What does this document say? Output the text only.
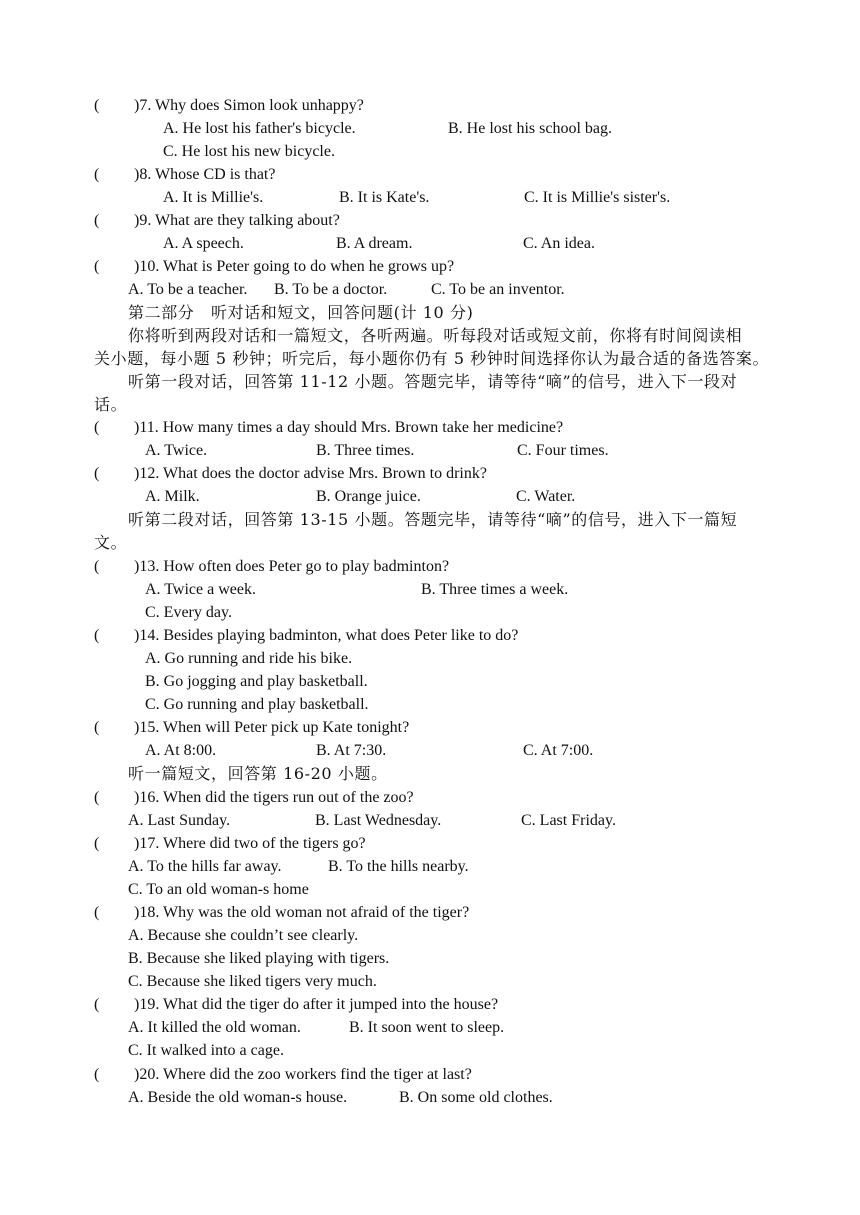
( )7. Why does Simon look unhappy?
A. He lost his father's bicycle.	B. He lost his school bag.
C. He lost his new bicycle.
( )8. Whose CD is that?
A. It is Millie's.	B. It is Kate's.	C. It is Millie's sister's.
( )9. What are they talking about?
A. A speech.	B. A dream.	C. An idea.
( )10. What is Peter going to do when he grows up?
A. To be a teacher. B. To be a doctor.	C. To be an inventor.
第二部分　听对话和短文，回答问题(计 10 分)
你将听到两段对话和一篇短文，各听两遍。听每段对话或短文前，你将有时间阅读相
关小题，每小题 5 秒钟；听完后，每小题你仍有 5 秒钟时间选择你认为最合适的备选答案。
听第一段对话，回答第 11-12 小题。答题完毕，请等待“嘀”的信号，进入下一段对
话。
( )11. How many times a day should Mrs. Brown take her medicine?
A. Twice.	B. Three times.	C. Four times.
( )12. What does the doctor advise Mrs. Brown to drink?
A. Milk.	B. Orange juice.	C. Water.
听第二段对话，回答第 13-15 小题。答题完毕，请等待“嘀”的信号，进入下一篇短
文。
( )13. How often does Peter go to play badminton?
A. Twice a week.	B. Three times a week.
C. Every day.
( )14. Besides playing badminton, what does Peter like to do?
A. Go running and ride his bike.
B. Go jogging and play basketball.
C. Go running and play basketball.
( )15. When will Peter pick up Kate tonight?
A. At 8:00.	B. At 7:30.	C. At 7:00.
听一篇短文，回答第 16-20 小题。
( )16. When did the tigers run out of the zoo?
A. Last Sunday.	B. Last Wednesday.	C. Last Friday.
( )17. Where did two of the tigers go?
A. To the hills far away.	B. To the hills nearby.
C. To an old woman-s home
( )18. Why was the old woman not afraid of the tiger?
A. Because she couldn’t see clearly.
B. Because she liked playing with tigers.
C. Because she liked tigers very much.
( )19. What did the tiger do after it jumped into the house?
A. It killed the old woman.	B. It soon went to sleep.
C. It walked into a cage.
( )20. Where did the zoo workers find the tiger at last?
A. Beside the old woman-s house.	B. On some old clothes.
